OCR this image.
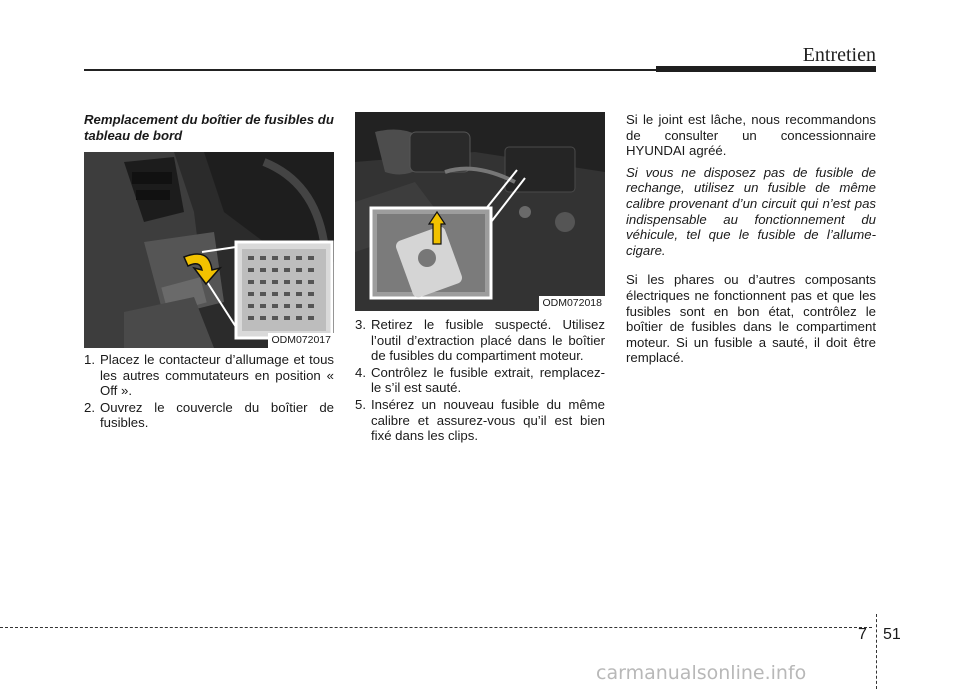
Entretien

Remplacement du boîtier de fusibles du tableau de bord

ODM072017
1. Placez le contacteur d’allumage et tous les autres commutateurs en position « Off ».
2. Ouvrez le couvercle du boîtier de fusibles.
ODM072018
3. Retirez le fusible suspecté. Utilisez l’outil d’extraction placé dans le boîtier de fusibles du compartiment moteur.
4. Contrôlez le fusible extrait, remplacez-le s’il est sauté.
5. Insérez un nouveau fusible du même calibre et assurez-vous qu’il est bien fixé dans les clips.

Si le joint est lâche, nous recommandons de consulter un concessionnaire HYUNDAI agréé.

Si vous ne disposez pas de fusible de rechange, utilisez un fusible de même calibre provenant d’un circuit qui n’est pas indispensable au fonctionnement du véhicule, tel que le fusible de l’allume-cigare.

Si les phares ou d’autres composants électriques ne fonctionnent pas et que les fusibles sont en bon état, contrôlez le boîtier de fusibles dans le compartiment moteur. Si un fusible a sauté, il doit être remplacé.

7 51
carmanualsonline.info
